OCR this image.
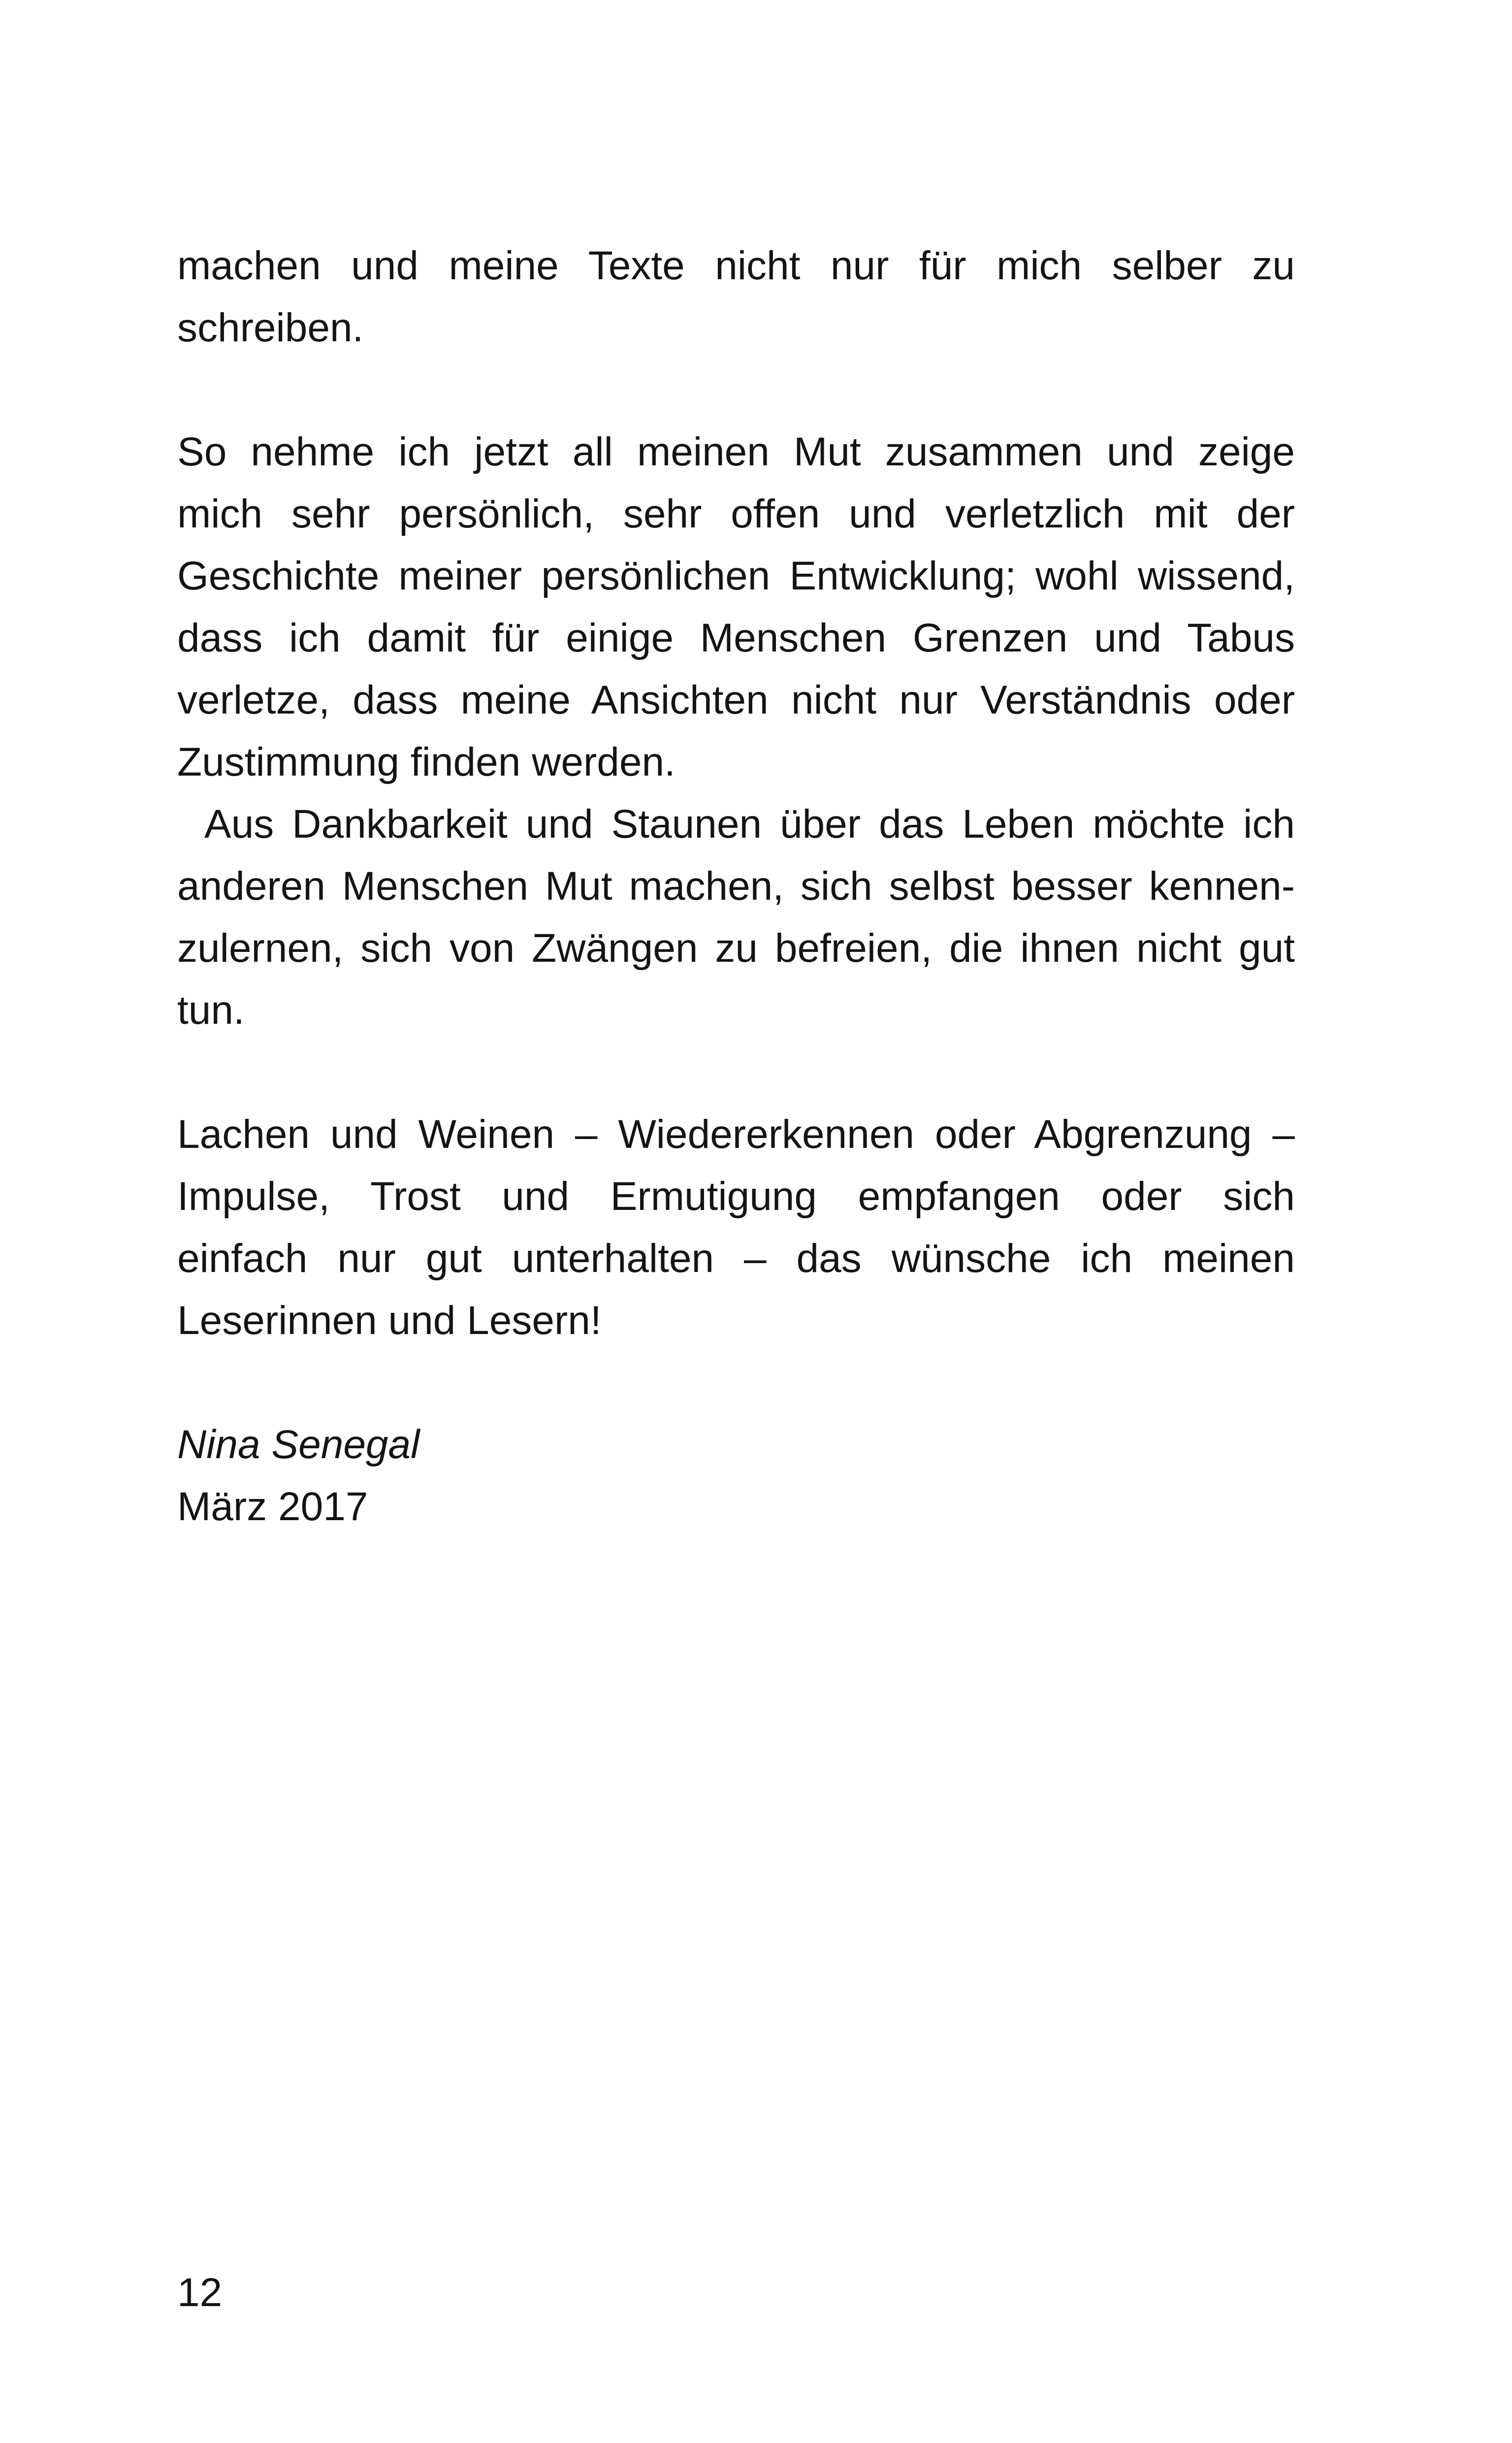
machen und meine Texte nicht nur für mich selber zu
schreiben.
So nehme ich jetzt all meinen Mut zusammen und zeige
mich sehr persönlich, sehr offen und verletzlich mit der
Geschichte meiner persönlichen Entwicklung; wohl wissend,
dass ich damit für einige Menschen Grenzen und Tabus
verletze, dass meine Ansichten nicht nur Verständnis oder
Zustimmung finden werden.
Aus Dankbarkeit und Staunen über das Leben möchte ich
anderen Menschen Mut machen, sich selbst besser kennen-
zulernen, sich von Zwängen zu befreien, die ihnen nicht gut
tun.
Lachen und Weinen – Wiedererkennen oder Abgrenzung –
Impulse, Trost und Ermutigung empfangen oder sich
einfach nur gut unterhalten – das wünsche ich meinen
Leserinnen und Lesern!
Nina Senegal
März 2017
12
